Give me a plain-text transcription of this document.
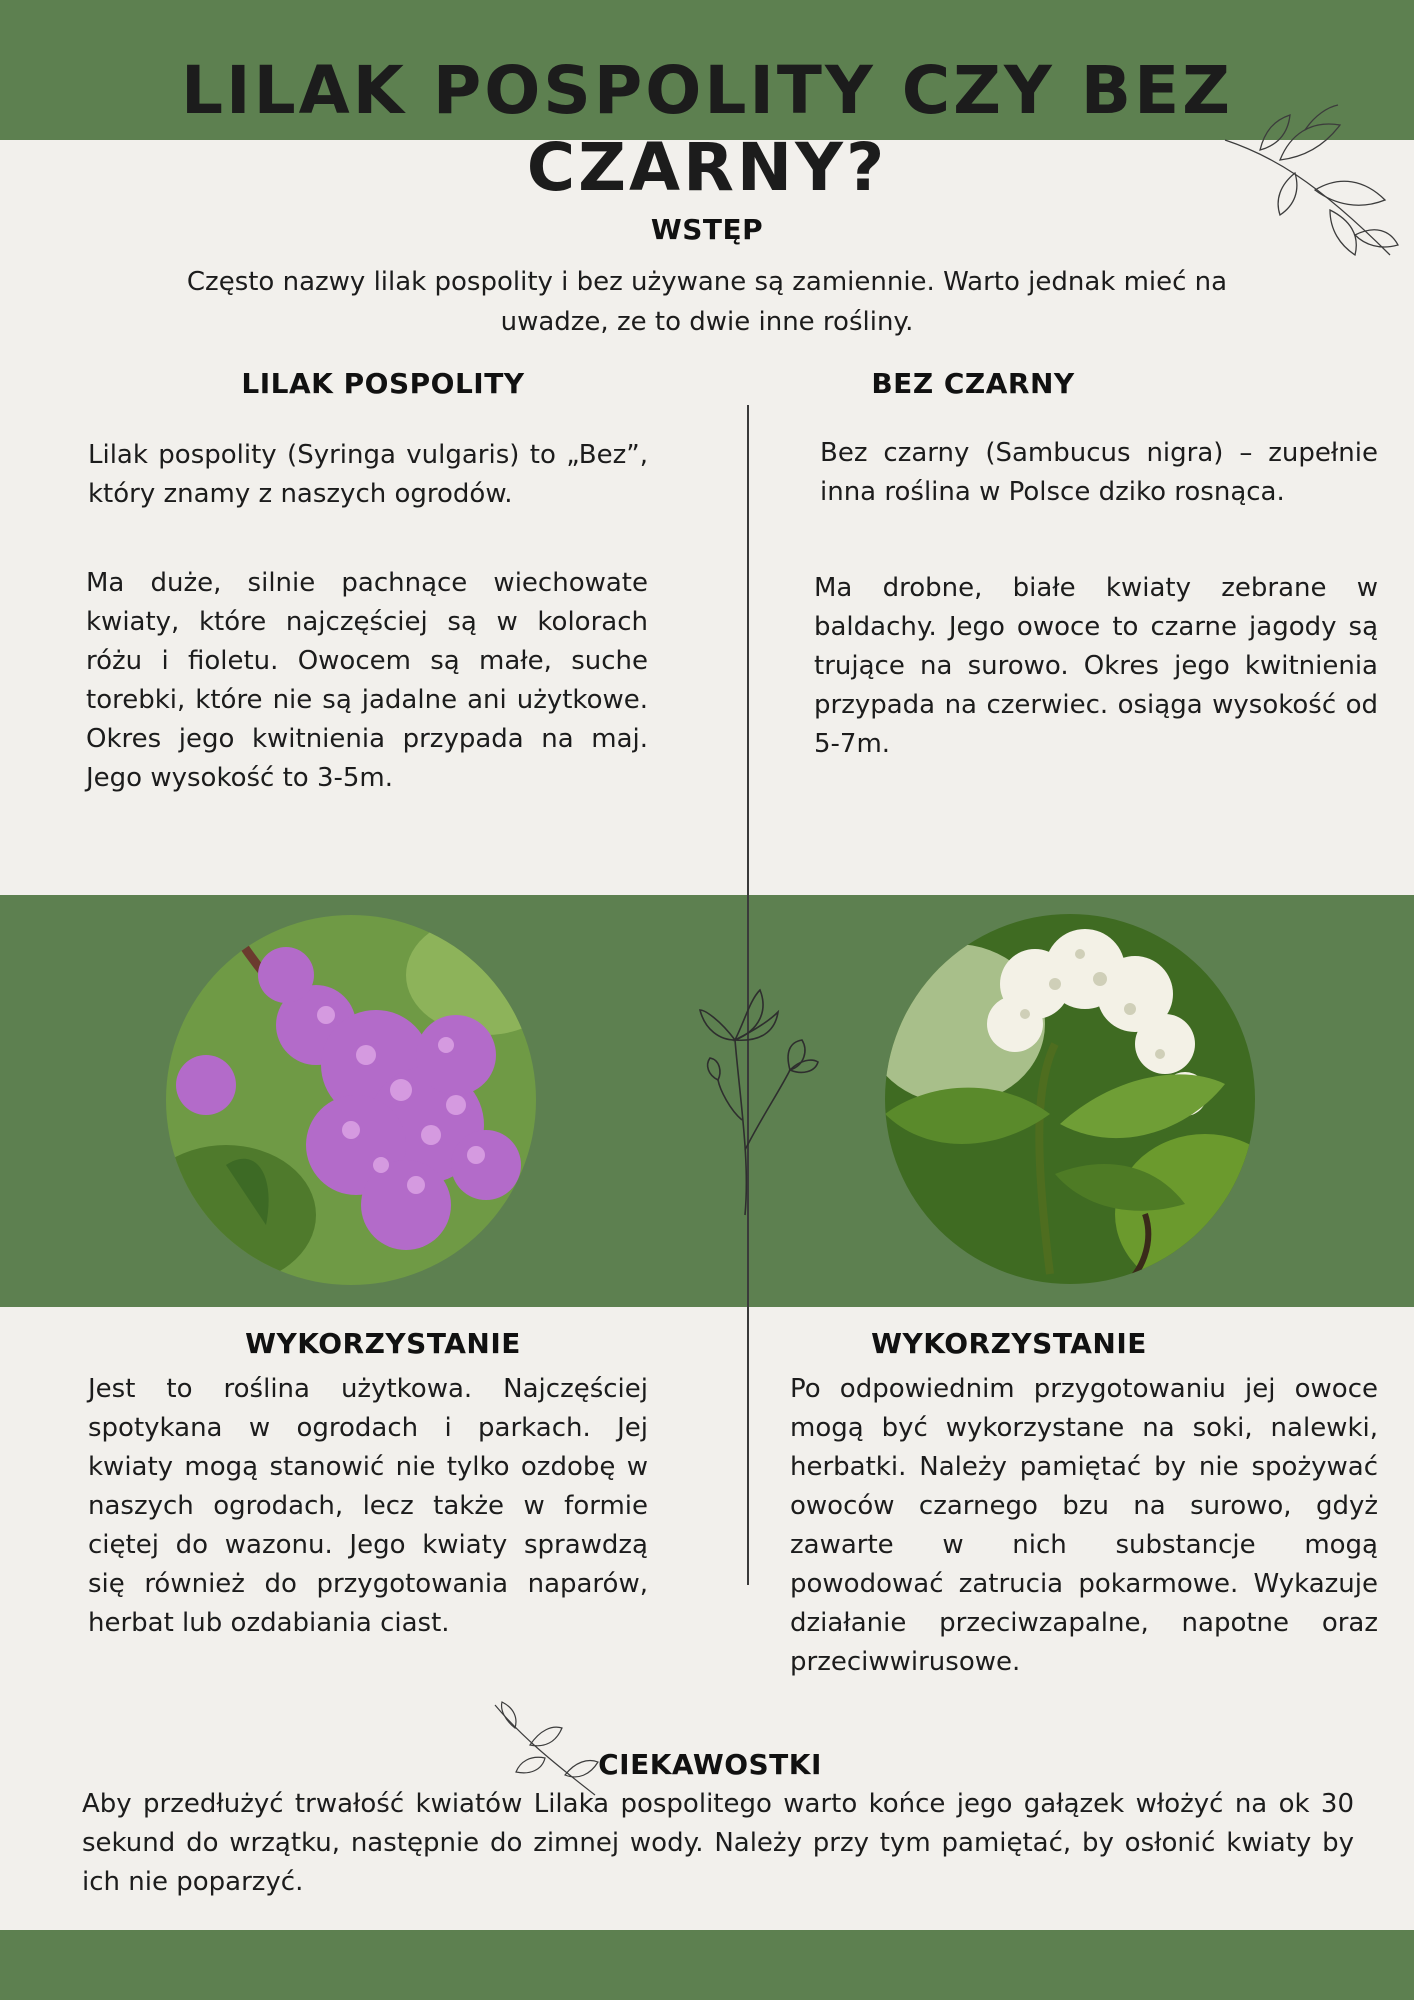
LILAK POSPOLITY CZY BEZ CZARNY?
WSTĘP
Często nazwy lilak pospolity i bez używane są zamiennie. Warto jednak mieć na uwadze, ze to dwie inne rośliny.
LILAK POSPOLITY	BEZ CZARNY
Lilak pospolity (Syringa vulgaris) to „Bez”, który znamy z naszych ogrodów.
Ma duże, silnie pachnące wiechowate kwiaty, które najczęściej są w kolorach różu i fioletu. Owocem są małe, suche torebki, które nie są jadalne ani użytkowe. Okres jego kwitnienia przypada na maj. Jego wysokość to 3-5m.
Bez czarny (Sambucus nigra) – zupełnie inna roślina w Polsce dziko rosnąca.
Ma drobne, białe kwiaty zebrane w baldachy. Jego owoce to czarne jagody są trujące na surowo. Okres jego kwitnienia przypada na czerwiec. osiąga wysokość od 5-7m.
WYKORZYSTANIE	WYKORZYSTANIE
Jest to roślina użytkowa. Najczęściej spotykana w ogrodach i parkach. Jej kwiaty mogą stanowić nie tylko ozdobę w naszych ogrodach, lecz także w formie ciętej do wazonu. Jego kwiaty sprawdzą się również do przygotowania naparów, herbat lub ozdabiania ciast.
Po odpowiednim przygotowaniu jej owoce mogą być wykorzystane na soki, nalewki, herbatki. Należy pamiętać by nie spożywać owoców czarnego bzu na surowo, gdyż zawarte w nich substancje mogą powodować zatrucia pokarmowe. Wykazuje działanie przeciwzapalne, napotne oraz przeciwwirusowe.
CIEKAWOSTKI
Aby przedłużyć trwałość kwiatów Lilaka pospolitego warto końce jego gałązek włożyć na ok 30 sekund do wrzątku, następnie do zimnej wody. Należy przy tym pamiętać, by osłonić kwiaty by ich nie poparzyć.
